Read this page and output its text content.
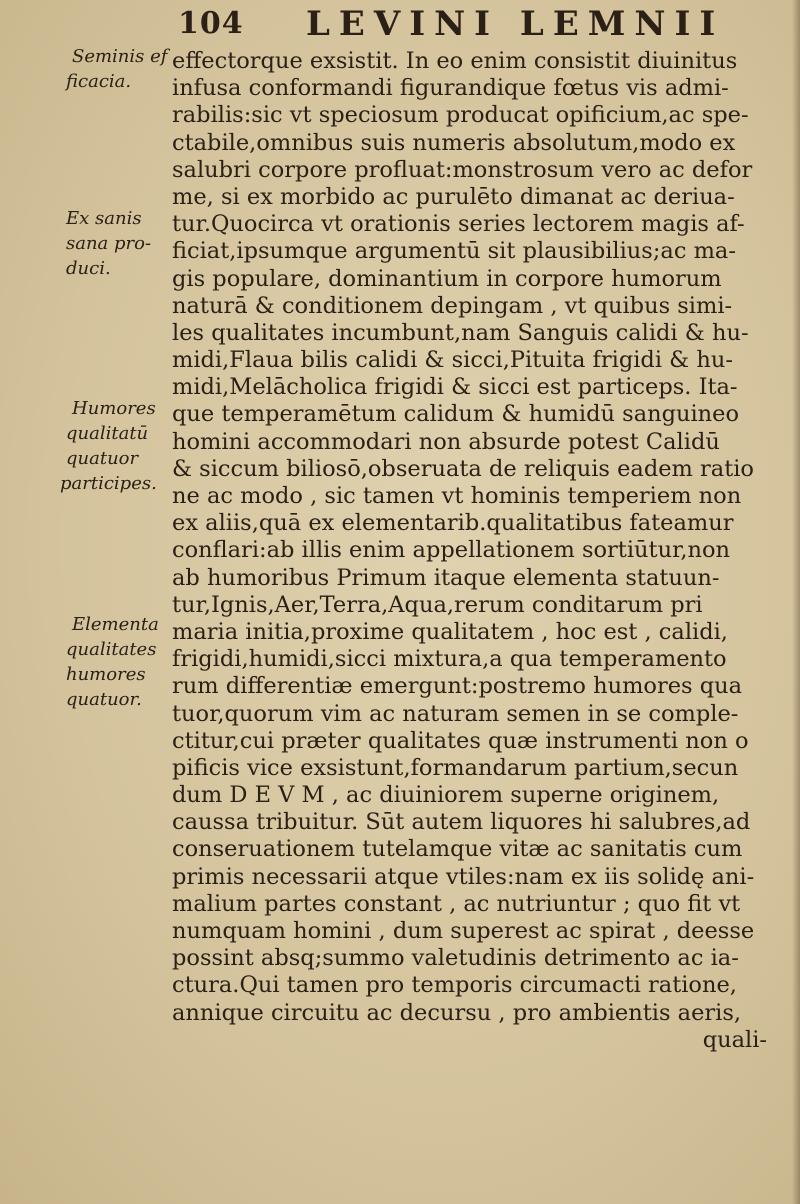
104 LEVINI LEMNII
Seminis ef
ficacia.
Ex sanis
sana pro-
duci.
Humores
qualitatū
quatuor
participes.
Elementa
qualitates
humores
quatuor.
effectorque exsistit. In eo enim consistit diuinitus
infusa conformandi figurandique fœtus vis admi-
rabilis:sic vt speciosum producat opificium,ac spe-
ctabile,omnibus suis numeris absolutum,modo ex
salubri corpore profluat:monstrosum vero ac defor
me, si ex morbido ac purulēto dimanat ac deriua-
tur.Quocirca vt orationis series lectorem magis af-
ficiat,ipsumque argumentū sit plausibilius;ac ma-
gis populare, dominantium in corpore humorum
naturā & conditionem depingam , vt quibus simi-
les qualitates incumbunt,nam Sanguis calidi & hu-
midi,Flaua bilis calidi & sicci,Pituita frigidi & hu-
midi,Melācholica frigidi & sicci est particeps. Ita-
que temperamētum calidum & humidū sanguineo
homini accommodari non absurde potest Calidū
& siccum biliosō,obseruata de reliquis eadem ratio
ne ac modo , sic tamen vt hominis temperiem non
ex aliis,quā ex elementarib.qualitatibus fateamur
conflari:ab illis enim appellationem sortiūtur,non
ab humoribus Primum itaque elementa statuun-
tur,Ignis,Aer,Terra,Aqua,rerum conditarum pri
maria initia,proxime qualitatem , hoc est , calidi,
frigidi,humidi,sicci mixtura,a qua temperamento
rum differentiæ emergunt:postremo humores qua
tuor,quorum vim ac naturam semen in se comple-
ctitur,cui præter qualitates quæ instrumenti non o
pificis vice exsistunt,formandarum partium,secun
dum D E V M , ac diuiniorem superne originem,
caussa tribuitur. Sūt autem liquores hi salubres,ad
conseruationem tutelamque vitæ ac sanitatis cum
primis necessarii atque vtiles:nam ex iis solidę ani-
malium partes constant , ac nutriuntur ; quo fit vt
numquam homini , dum superest ac spirat , deesse
possint absq;summo valetudinis detrimento ac ia-
ctura.Qui tamen pro temporis circumacti ratione,
annique circuitu ac decursu , pro ambientis aeris,
quali-
